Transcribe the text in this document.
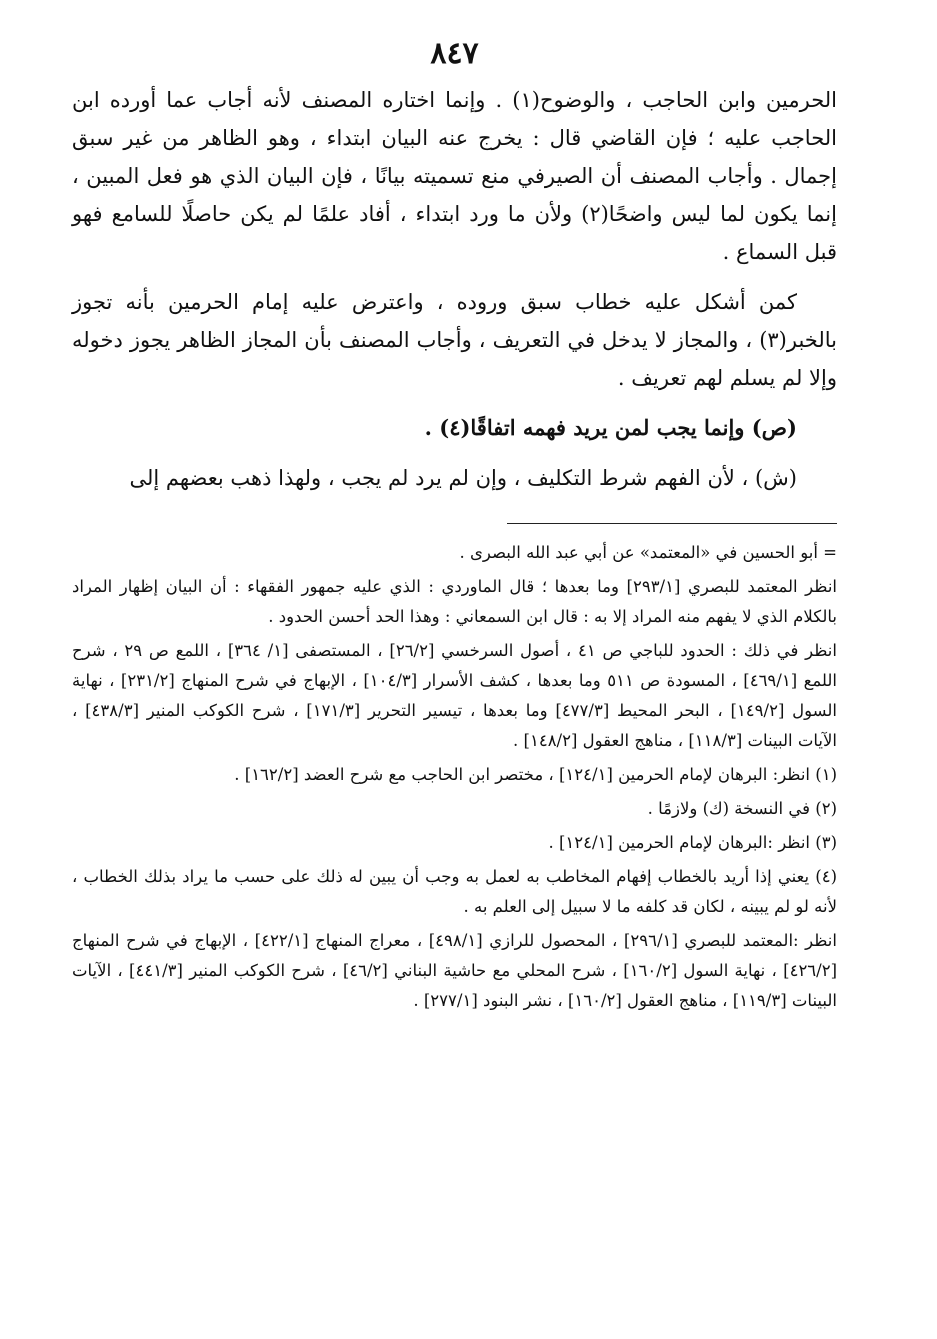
٨٤٧

الحرمين وابن الحاجب ، والوضوح(١) . وإنما اختاره المصنف لأنه أجاب عما أورده ابن الحاجب عليه ؛ فإن القاضي قال : يخرج عنه البيان ابتداء ، وهو الظاهر من غير سبق إجمال . وأجاب المصنف أن الصيرفي منع تسميته بيانًا ، فإن البيان الذي هو فعل المبين ، إنما يكون لما ليس واضحًا(٢) ولأن ما ورد ابتداء ، أفاد علمًا لم يكن حاصلًا للسامع فهو قبل السماع .

كمن أشكل عليه خطاب سبق وروده ، واعترض عليه إمام الحرمين بأنه تجوز بالخبر(٣) ، والمجاز لا يدخل في التعريف ، وأجاب المصنف بأن المجاز الظاهر يجوز دخوله وإلا لم يسلم لهم تعريف .

(ص) وإنما يجب لمن يريد فهمه اتفاقًا(٤) .

(ش) ، لأن الفهم شرط التكليف ، وإن لم يرد لم يجب ، ولهذا ذهب بعضهم إلى

= أبو الحسين في «المعتمد» عن أبي عبد الله البصرى .

انظر المعتمد للبصري [٢٩٣/١] وما بعدها ؛ قال الماوردي : الذي عليه جمهور الفقهاء : أن البيان إظهار المراد بالكلام الذي لا يفهم منه المراد إلا به : قال ابن السمعاني : وهذا الحد أحسن الحدود .

انظر في ذلك : الحدود للباجي ص ٤١ ، أصول السرخسي [٢٦/٢] ، المستصفى [١/ ٣٦٤] ، اللمع ص ٢٩ ، شرح اللمع [٤٦٩/١] ، المسودة ص ٥١١ وما بعدها ، كشف الأسرار [١٠٤/٣] ، الإبهاج في شرح المنهاج [٢٣١/٢] ، نهاية السول [١٤٩/٢] ، البحر المحيط [٤٧٧/٣] وما بعدها ، تيسير التحرير [١٧١/٣] ، شرح الكوكب المنير [٤٣٨/٣] ، الآيات البينات [١١٨/٣] ، مناهج العقول [١٤٨/٢] .

(١) انظر: البرهان لإمام الحرمين [١٢٤/١] ، مختصر ابن الحاجب مع شرح العضد [١٦٢/٢] .

(٢) في النسخة (ك) ولازمًا .

(٣) انظر :البرهان لإمام الحرمين [١٢٤/١] .

(٤) يعني إذا أريد بالخطاب إفهام المخاطب به لعمل به وجب أن يبين له ذلك على حسب ما يراد بذلك الخطاب ، لأنه لو لم يبينه ، لكان قد كلفه ما لا سبيل إلى العلم به .

انظر :المعتمد للبصري [٢٩٦/١] ، المحصول للرازي [٤٩٨/١] ، معراج المنهاج [٤٢٢/١] ، الإبهاج في شرح المنهاج [٤٢٦/٢] ، نهاية السول [١٦٠/٢] ، شرح المحلي مع حاشية البناني [٤٦/٢] ، شرح الكوكب المنير [٤٤١/٣] ، الآيات البينات [١١٩/٣] ، مناهج العقول [١٦٠/٢] ، نشر البنود [٢٧٧/١] .
